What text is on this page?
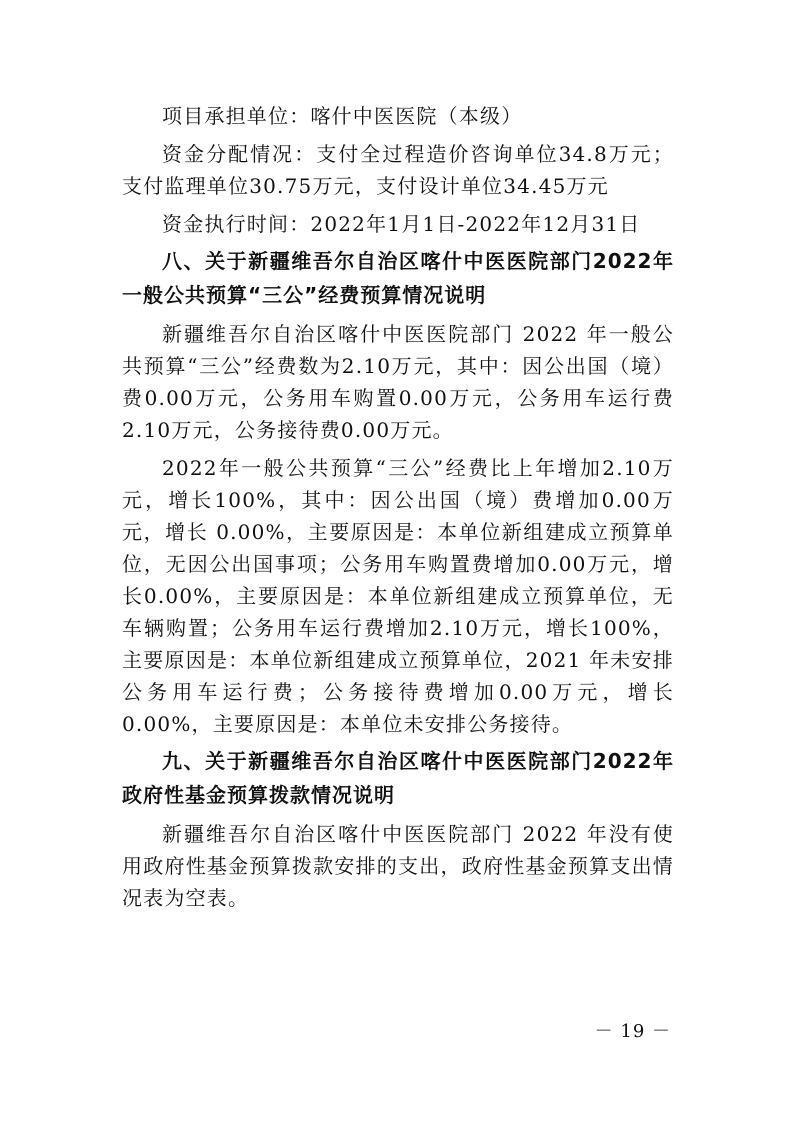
项目承担单位：喀什中医医院（本级）

资金分配情况：支付全过程造价咨询单位34.8万元；支付监理单位30.75万元，支付设计单位34.45万元

资金执行时间：2022年1月1日-2022年12月31日

八、关于新疆维吾尔自治区喀什中医医院部门2022年一般公共预算“三公”经费预算情况说明

新疆维吾尔自治区喀什中医医院部门 2022 年一般公共预算“三公”经费数为2.10万元，其中：因公出国（境）费0.00万元，公务用车购置0.00万元，公务用车运行费2.10万元，公务接待费0.00万元。

2022年一般公共预算“三公”经费比上年增加2.10万元，增长100%，其中：因公出国（境）费增加0.00万元，增长 0.00%，主要原因是：本单位新组建成立预算单位，无因公出国事项；公务用车购置费增加0.00万元，增长0.00%，主要原因是：本单位新组建成立预算单位，无车辆购置；公务用车运行费增加2.10万元，增长100%，主要原因是：本单位新组建成立预算单位，2021 年未安排公务用车运行费；公务接待费增加0.00万元，增长0.00%，主要原因是：本单位未安排公务接待。

九、关于新疆维吾尔自治区喀什中医医院部门2022年政府性基金预算拨款情况说明

新疆维吾尔自治区喀什中医医院部门 2022 年没有使用政府性基金预算拨款安排的支出，政府性基金预算支出情况表为空表。

－ 19 －
